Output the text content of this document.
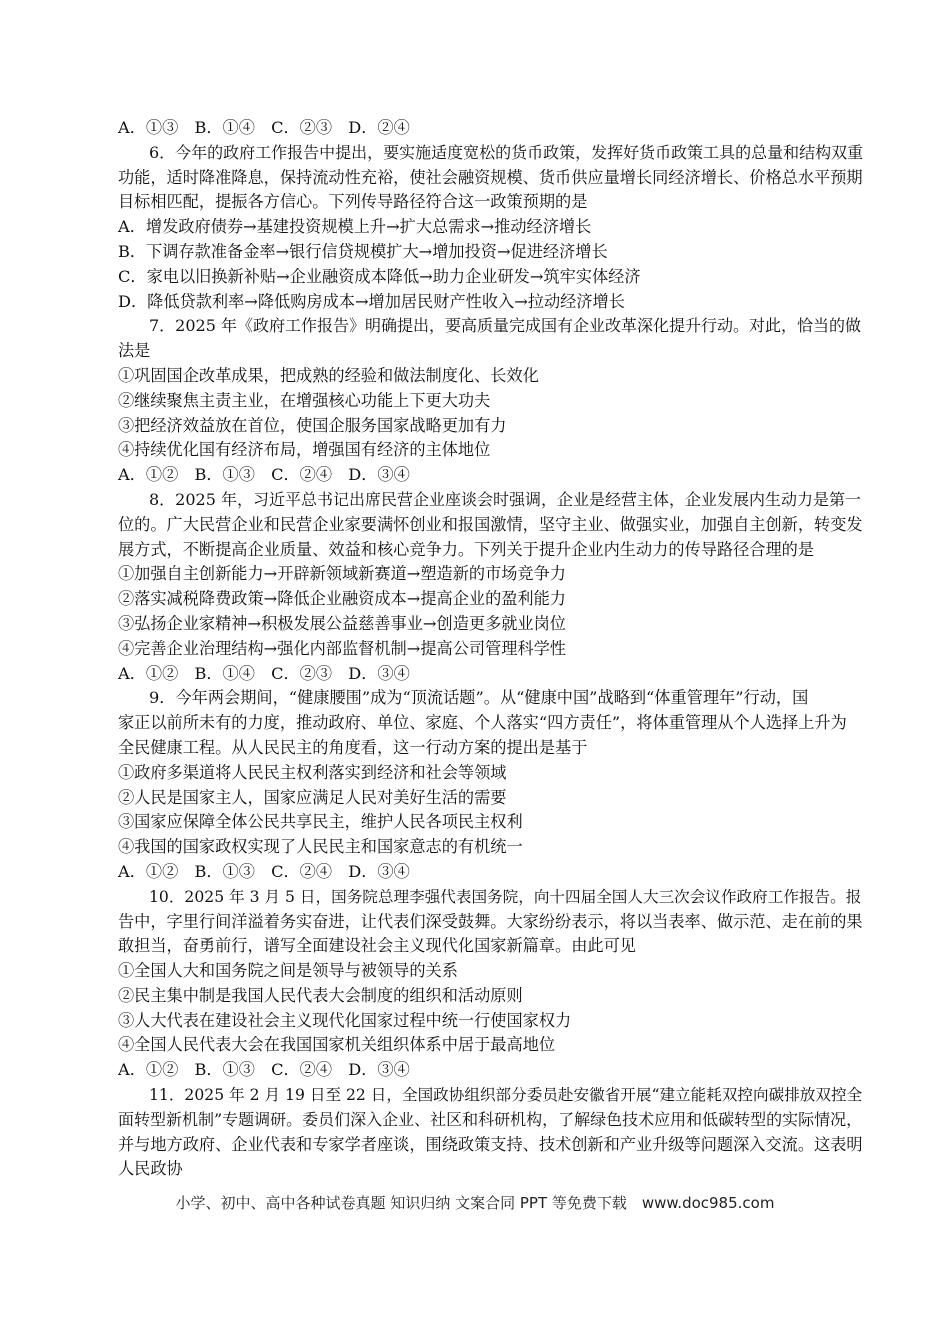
A．①③　B．①④　C．②③　D．②④
6．今年的政府工作报告中提出，要实施适度宽松的货币政策，发挥好货币政策工具的总量和结构双重
功能，适时降准降息，保持流动性充裕，使社会融资规模、货币供应量增长同经济增长、价格总水平预期
目标相匹配，提振各方信心。下列传导路径符合这一政策预期的是
A．增发政府债券→基建投资规模上升→扩大总需求→推动经济增长
B．下调存款准备金率→银行信贷规模扩大→增加投资→促进经济增长
C．家电以旧换新补贴→企业融资成本降低→助力企业研发→筑牢实体经济
D．降低贷款利率→降低购房成本→增加居民财产性收入→拉动经济增长
7．2025 年《政府工作报告》明确提出，要高质量完成国有企业改革深化提升行动。对此，恰当的做
法是
①巩固国企改革成果，把成熟的经验和做法制度化、长效化
②继续聚焦主责主业，在增强核心功能上下更大功夫
③把经济效益放在首位，使国企服务国家战略更加有力
④持续优化国有经济布局，增强国有经济的主体地位
A．①②　B．①③　C．②④　D．③④
8．2025 年，习近平总书记出席民营企业座谈会时强调，企业是经营主体，企业发展内生动力是第一
位的。广大民营企业和民营企业家要满怀创业和报国激情，坚守主业、做强实业，加强自主创新，转变发
展方式，不断提高企业质量、效益和核心竞争力。下列关于提升企业内生动力的传导路径合理的是
①加强自主创新能力→开辟新领域新赛道→塑造新的市场竞争力
②落实减税降费政策→降低企业融资成本→提高企业的盈利能力
③弘扬企业家精神→积极发展公益慈善事业→创造更多就业岗位
④完善企业治理结构→强化内部监督机制→提高公司管理科学性
A．①②　B．①④　C．②③　D．③④
9．今年两会期间，“健康腰围”成为“顶流话题”。从“健康中国”战略到“体重管理年”行动，国
家正以前所未有的力度，推动政府、单位、家庭、个人落实“四方责任”，将体重管理从个人选择上升为
全民健康工程。从人民民主的角度看，这一行动方案的提出是基于
①政府多渠道将人民民主权利落实到经济和社会等领域
②人民是国家主人，国家应满足人民对美好生活的需要
③国家应保障全体公民共享民主，维护人民各项民主权利
④我国的国家政权实现了人民民主和国家意志的有机统一
A．①②　B．①③　C．②④　D．③④
10．2025 年 3 月 5 日，国务院总理李强代表国务院，向十四届全国人大三次会议作政府工作报告。报
告中，字里行间洋溢着务实奋进，让代表们深受鼓舞。大家纷纷表示，将以当表率、做示范、走在前的果
敢担当，奋勇前行，谱写全面建设社会主义现代化国家新篇章。由此可见
①全国人大和国务院之间是领导与被领导的关系
②民主集中制是我国人民代表大会制度的组织和活动原则
③人大代表在建设社会主义现代化国家过程中统一行使国家权力
④全国人民代表大会在我国国家机关组织体系中居于最高地位
A．①②　B．①③　C．②④　D．③④
11．2025 年 2 月 19 日至 22 日，全国政协组织部分委员赴安徽省开展“建立能耗双控向碳排放双控全
面转型新机制”专题调研。委员们深入企业、社区和科研机构，了解绿色技术应用和低碳转型的实际情况，
并与地方政府、企业代表和专家学者座谈，围绕政策支持、技术创新和产业升级等问题深入交流。这表明
人民政协
小学、初中、高中各种试卷真题 知识归纳 文案合同 PPT 等免费下载　www.doc985.com
